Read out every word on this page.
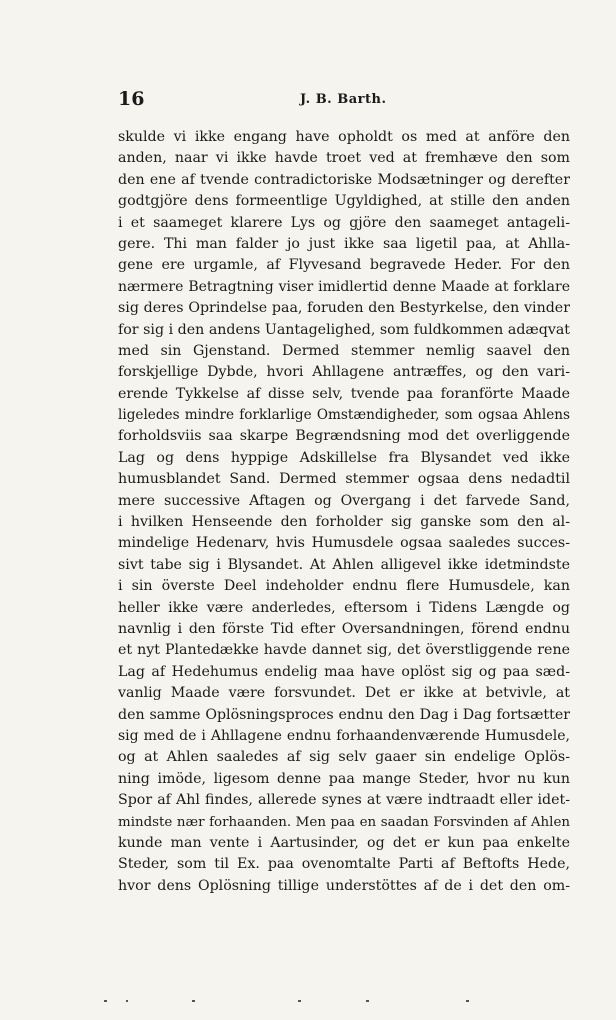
16	J. B. Barth.
skulde vi ikke engang have opholdt os med at anföre den
anden, naar vi ikke havde troet ved at fremhæve den som
den ene af tvende contradictoriske Modsætninger og derefter
godtgjöre dens formeentlige Ugyldighed, at stille den anden
i et saameget klarere Lys og gjöre den saameget antageli-
gere. Thi man falder jo just ikke saa ligetil paa, at Ahlla-
gene ere urgamle, af Flyvesand begravede Heder. For den
nærmere Betragtning viser imidlertid denne Maade at forklare
sig deres Oprindelse paa, foruden den Bestyrkelse, den vinder
for sig i den andens Uantagelighed, som fuldkommen adæqvat
med sin Gjenstand. Dermed stemmer nemlig saavel den
forskjellige Dybde, hvori Ahllagene antræffes, og den vari-
erende Tykkelse af disse selv, tvende paa foranförte Maade
ligeledes mindre forklarlige Omstændigheder, som ogsaa Ahlens
forholdsviis saa skarpe Begrændsning mod det overliggende
Lag og dens hyppige Adskillelse fra Blysandet ved ikke
humusblandet Sand. Dermed stemmer ogsaa dens nedadtil
mere successive Aftagen og Overgang i det farvede Sand,
i hvilken Henseende den forholder sig ganske som den al-
mindelige Hedenarv, hvis Humusdele ogsaa saaledes succes-
sivt tabe sig i Blysandet. At Ahlen alligevel ikke idetmindste
i sin överste Deel indeholder endnu flere Humusdele, kan
heller ikke være anderledes, eftersom i Tidens Længde og
navnlig i den förste Tid efter Oversandningen, förend endnu
et nyt Plantedække havde dannet sig, det överstliggende rene
Lag af Hedehumus endelig maa have oplöst sig og paa sæd-
vanlig Maade være forsvundet. Det er ikke at betvivle, at
den samme Oplösningsproces endnu den Dag i Dag fortsætter
sig med de i Ahllagene endnu forhaandenværende Humusdele,
og at Ahlen saaledes af sig selv gaaer sin endelige Oplös-
ning imöde, ligesom denne paa mange Steder, hvor nu kun
Spor af Ahl findes, allerede synes at være indtraadt eller idet-
mindste nær forhaanden. Men paa en saadan Forsvinden af Ahlen
kunde man vente i Aartusinder, og det er kun paa enkelte
Steder, som til Ex. paa ovenomtalte Parti af Beftofts Hede,
hvor dens Oplösning tillige understöttes af de i det den om-
